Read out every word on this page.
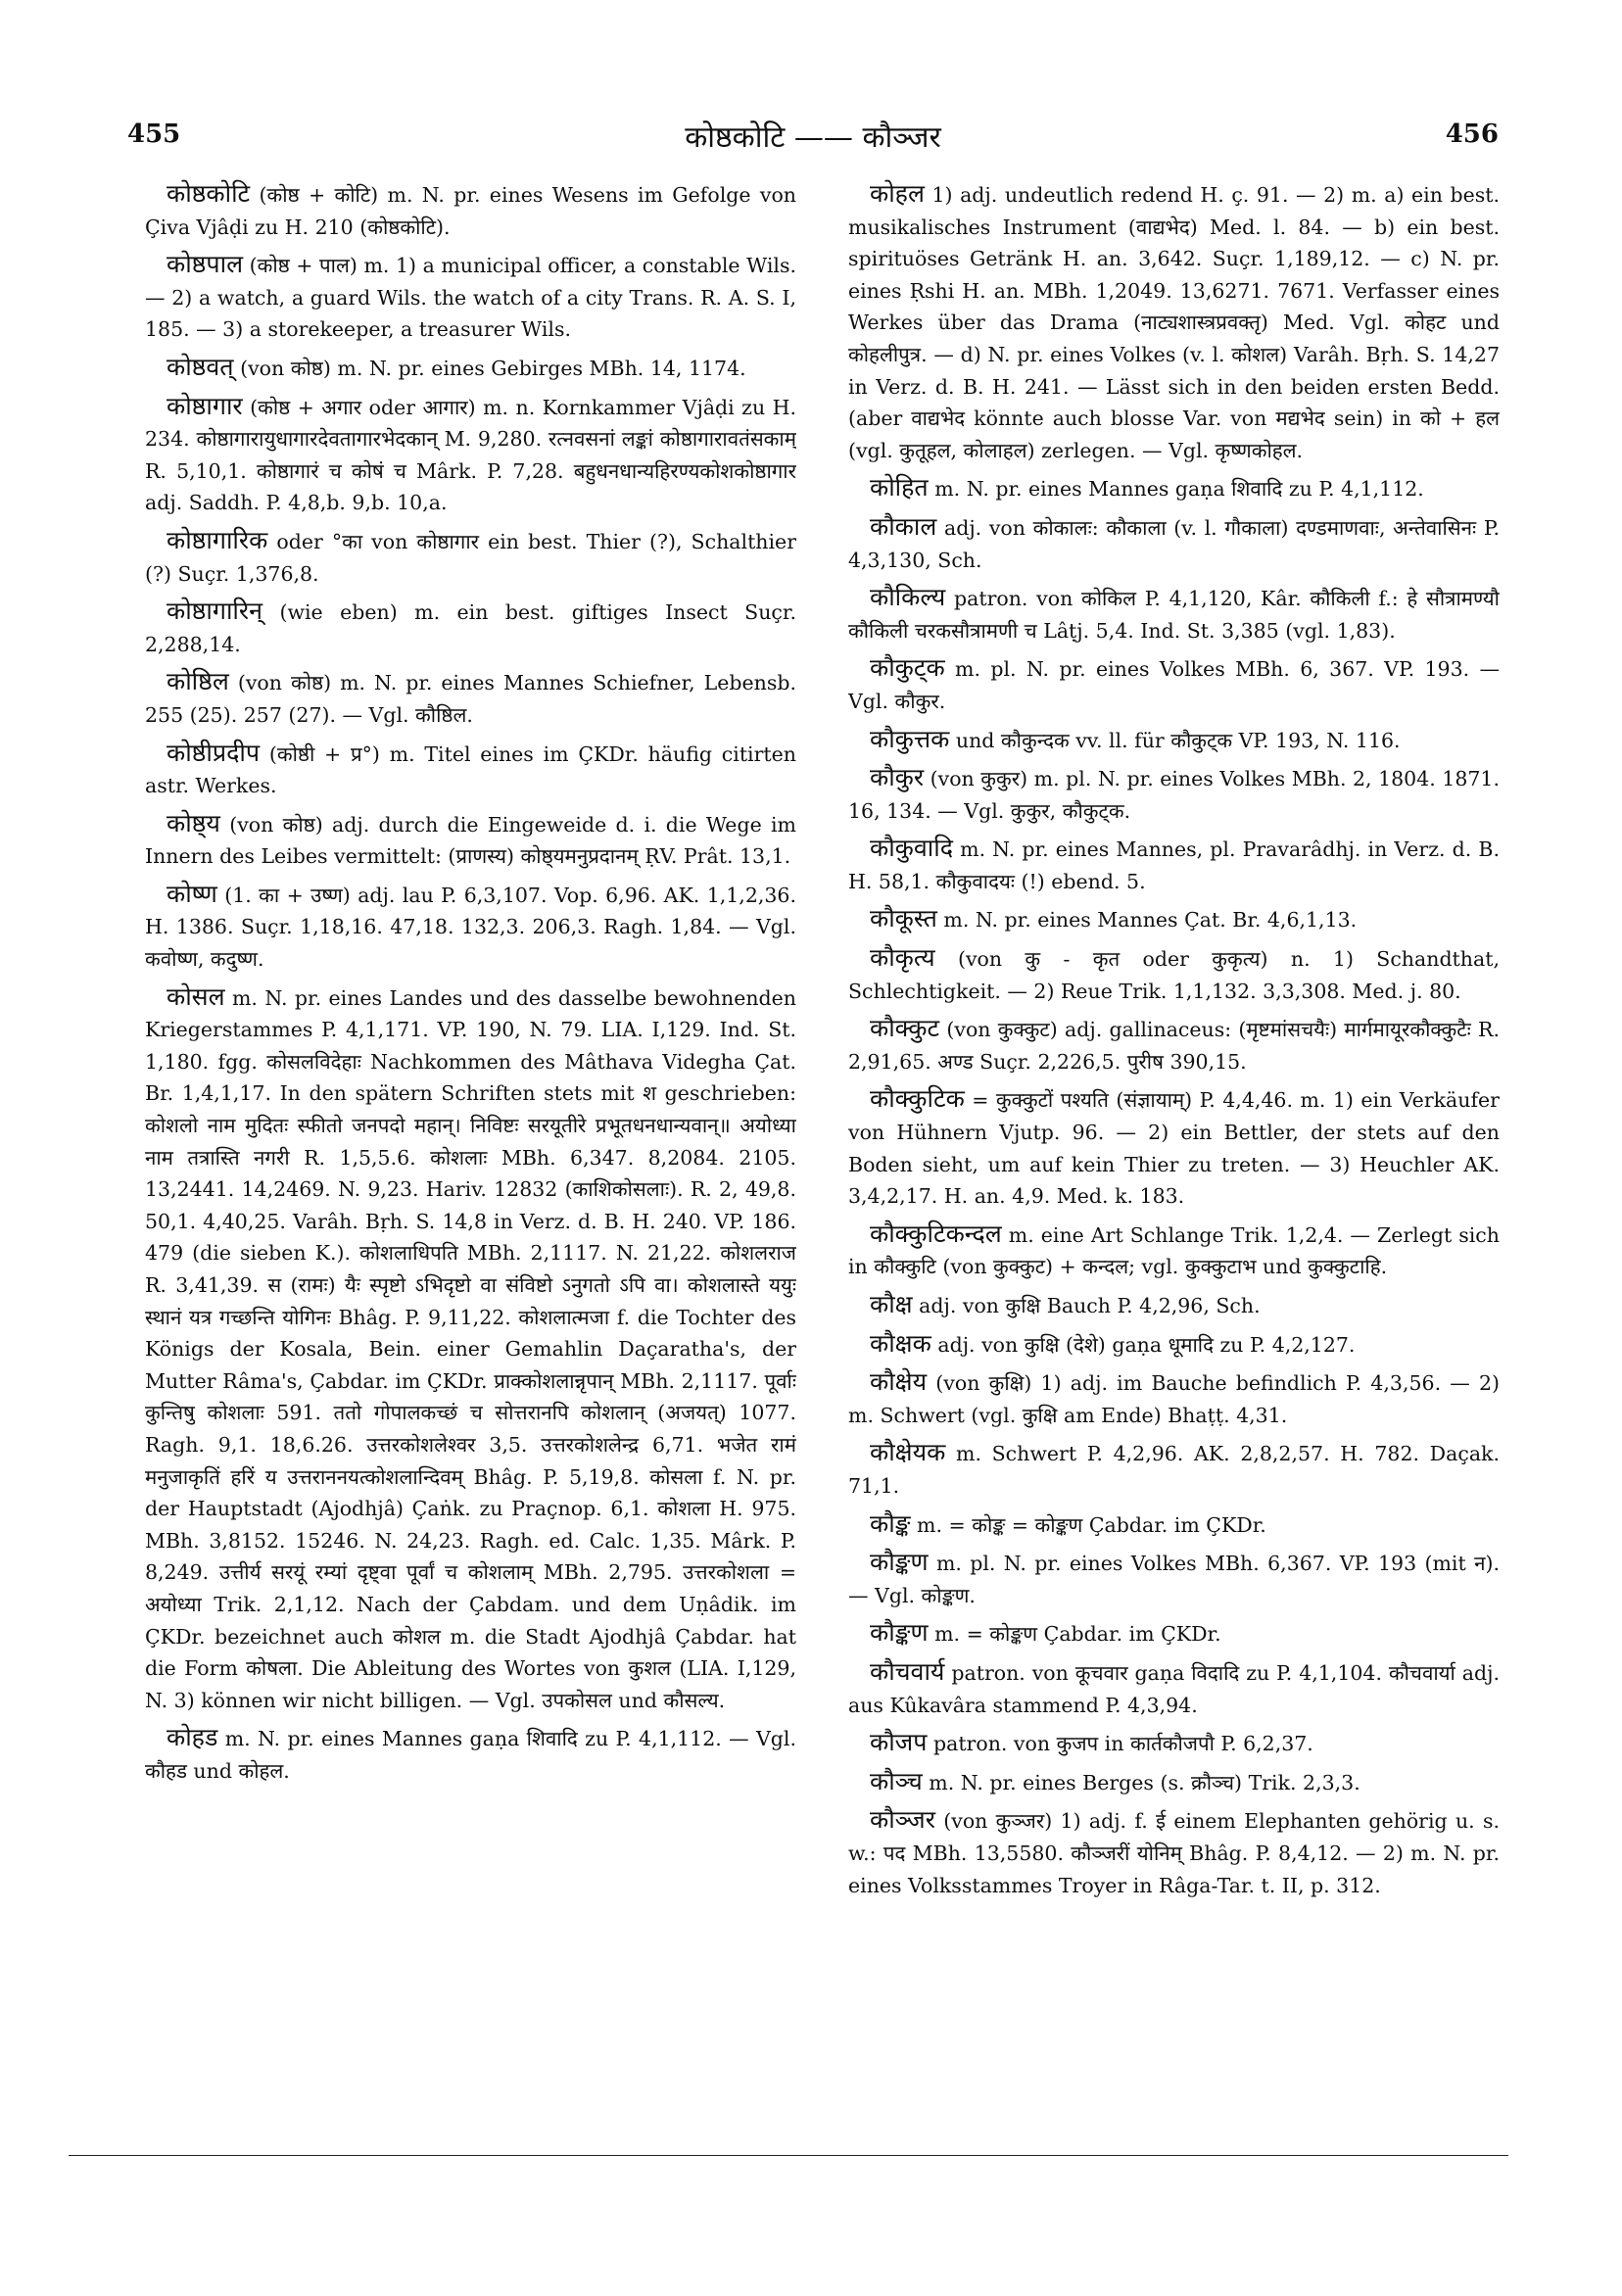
455	कोष्ठकोटि —— कौञ्जर	456

कोष्ठकोटि (कोष्ठ + कोटि) m. N. pr. eines Wesens im Gefolge von Çiva Vjâḍi zu H. 210 (कोष्ठकोटि).

कोष्ठपाल (कोष्ठ + पाल) m. 1) a municipal officer, a constable Wils. — 2) a watch, a guard Wils. the watch of a city Trans. R. A. S. I, 185. — 3) a storekeeper, a treasurer Wils.

कोष्ठवत् (von कोष्ठ) m. N. pr. eines Gebirges MBh. 14, 1174.

कोष्ठागार (कोष्ठ + अगार oder आगार) m. n. Kornkammer Vjâḍi zu H. 234. कोष्ठागारायुधागारदेवतागारभेदकान् M. 9,280. रत्नवसनां लङ्कां कोष्ठागारावतंसकाम् R. 5,10,1. कोष्ठागारं च कोषं च Mârk. P. 7,28. बहुधनधान्यहिरण्यकोशकोष्ठागार adj. Saddh. P. 4,8,b. 9,b. 10,a.

कोष्ठागारिक oder °का von कोष्ठागार ein best. Thier (?), Schalthier (?) Suçr. 1,376,8.

कोष्ठागारिन् (wie eben) m. ein best. giftiges Insect Suçr. 2,288,14.

कोष्ठिल (von कोष्ठ) m. N. pr. eines Mannes Schiefner, Lebensb. 255 (25). 257 (27). — Vgl. कौष्ठिल.

कोष्ठीप्रदीप (कोष्ठी + प्र°) m. Titel eines im ÇKDr. häufig citirten astr. Werkes.

कोष्ठ्य (von कोष्ठ) adj. durch die Eingeweide d. i. die Wege im Innern des Leibes vermittelt: (प्राणस्य) कोष्ठ्यमनुप्रदानम् ṚV. Prât. 13,1.

कोष्ण (1. का + उष्ण) adj. lau P. 6,3,107. Vop. 6,96. AK. 1,1,2,36. H. 1386. Suçr. 1,18,16. 47,18. 132,3. 206,3. Ragh. 1,84. — Vgl. कवोष्ण, कदुष्ण.

कोसल m. N. pr. eines Landes und des dasselbe bewohnenden Kriegerstammes P. 4,1,171. VP. 190, N. 79. LIA. I,129. Ind. St. 1,180. fgg. कोसलविदेहाः Nachkommen des Mâthava Videgha Çat. Br. 1,4,1,17. In den spätern Schriften stets mit श geschrieben: कोशलो नाम मुदितः स्फीतो जनपदो महान्। निविष्टः सरयूतीरे प्रभूतधनधान्यवान्॥ अयोध्या नाम तत्रास्ति नगरी R. 1,5,5.6. कोशलाः MBh. 6,347. 8,2084. 2105. 13,2441. 14,2469. N. 9,23. Hariv. 12832 (काशिकोसलाः). R. 2, 49,8. 50,1. 4,40,25. Varâh. Bṛh. S. 14,8 in Verz. d. B. H. 240. VP. 186. 479 (die sieben K.). कोशलाधिपति MBh. 2,1117. N. 21,22. कोशलराज R. 3,41,39. स (रामः) यैः स्पृष्टो ऽभिदृष्टो वा संविष्टो ऽनुगतो ऽपि वा। कोशलास्ते ययुः स्थानं यत्र गच्छन्ति योगिनः Bhâg. P. 9,11,22. कोशलात्मजा f. die Tochter des Königs der Kosala, Bein. einer Gemahlin Daçaratha's, der Mutter Râma's, Çabdar. im ÇKDr. प्राक्कोशलान्नृपान् MBh. 2,1117. पूर्वाः कुन्तिषु कोशलाः 591. ततो गोपालकच्छं च सोत्तरानपि कोशलान् (अजयत्) 1077. Ragh. 9,1. 18,6.26. उत्तरकोशलेश्वर 3,5. उत्तरकोशलेन्द्र 6,71. भजेत रामं मनुजाकृतिं हरिं य उत्तराननयत्कोशलान्दिवम् Bhâg. P. 5,19,8. कोसला f. N. pr. der Hauptstadt (Ajodhjâ) Çaṅk. zu Praçnop. 6,1. कोशला H. 975. MBh. 3,8152. 15246. N. 24,23. Ragh. ed. Calc. 1,35. Mârk. P. 8,249. उत्तीर्य सरयूं रम्यां दृष्ट्वा पूर्वां च कोशलाम् MBh. 2,795. उत्तरकोशला = अयोध्या Trik. 2,1,12. Nach der Çabdam. und dem Uṇâdik. im ÇKDr. bezeichnet auch कोशल m. die Stadt Ajodhjâ Çabdar. hat die Form कोषला. Die Ableitung des Wortes von कुशल (LIA. I,129, N. 3) können wir nicht billigen. — Vgl. उपकोसल und कौसल्य.

कोहड m. N. pr. eines Mannes gaṇa शिवादि zu P. 4,1,112. — Vgl. कौहड und कोहल.

कोहल 1) adj. undeutlich redend H. ç. 91. — 2) m. a) ein best. musikalisches Instrument (वाद्यभेद) Med. l. 84. — b) ein best. spirituöses Getränk H. an. 3,642. Suçr. 1,189,12. — c) N. pr. eines Ṛshi H. an. MBh. 1,2049. 13,6271. 7671. Verfasser eines Werkes über das Drama (नाट्यशास्त्रप्रवक्तृ) Med. Vgl. कोहट und कोहलीपुत्र. — d) N. pr. eines Volkes (v. l. कोशल) Varâh. Bṛh. S. 14,27 in Verz. d. B. H. 241. — Lässt sich in den beiden ersten Bedd. (aber वाद्यभेद könnte auch blosse Var. von मद्यभेद sein) in को + हल (vgl. कुतूहल, कोलाहल) zerlegen. — Vgl. कृष्णकोहल.

कोहित m. N. pr. eines Mannes gaṇa शिवादि zu P. 4,1,112.

कौकाल adj. von कोकालः: कौकाला (v. l. गौकाला) दण्डमाणवाः, अन्तेवासिनः P. 4,3,130, Sch.

कौकिल्य patron. von कोकिल P. 4,1,120, Kâr. कौकिली f.: हे सौत्रामण्यौ कौकिली चरकसौत्रामणी च Lâṭj. 5,4. Ind. St. 3,385 (vgl. 1,83).

कौकुट्क m. pl. N. pr. eines Volkes MBh. 6, 367. VP. 193. — Vgl. कौकुर.

कौकुत्तक und कौकुन्दक vv. ll. für कौकुट्क VP. 193, N. 116.

कौकुर (von कुकुर) m. pl. N. pr. eines Volkes MBh. 2, 1804. 1871. 16, 134. — Vgl. कुकुर, कौकुट्क.

कौकुवादि m. N. pr. eines Mannes, pl. Pravarâdhj. in Verz. d. B. H. 58,1. कौकुवादयः (!) ebend. 5.

कौकूस्त m. N. pr. eines Mannes Çat. Br. 4,6,1,13.

कौकृत्य (von कु - कृत oder कुकृत्य) n. 1) Schandthat, Schlechtigkeit. — 2) Reue Trik. 1,1,132. 3,3,308. Med. j. 80.

कौक्कुट (von कुक्कुट) adj. gallinaceus: (मृष्टमांसचयैः) मार्गमायूरकौक्कुटैः R. 2,91,65. अण्ड Suçr. 2,226,5. पुरीष 390,15.

कौक्कुटिक = कुक्कुटों पश्यति (संज्ञायाम्) P. 4,4,46. m. 1) ein Verkäufer von Hühnern Vjutp. 96. — 2) ein Bettler, der stets auf den Boden sieht, um auf kein Thier zu treten. — 3) Heuchler AK. 3,4,2,17. H. an. 4,9. Med. k. 183.

कौक्कुटिकन्दल m. eine Art Schlange Trik. 1,2,4. — Zerlegt sich in कौक्कुटि (von कुक्कुट) + कन्दल; vgl. कुक्कुटाभ und कुक्कुटाहि.

कौक्ष adj. von कुक्षि Bauch P. 4,2,96, Sch.

कौक्षक adj. von कुक्षि (देशे) gaṇa धूमादि zu P. 4,2,127.

कौक्षेय (von कुक्षि) 1) adj. im Bauche befindlich P. 4,3,56. — 2) m. Schwert (vgl. कुक्षि am Ende) Bhaṭṭ. 4,31.

कौक्षेयक m. Schwert P. 4,2,96. AK. 2,8,2,57. H. 782. Daçak. 71,1.

कौङ्क m. = कोङ्क = कोङ्कण Çabdar. im ÇKDr.

कौङ्कण m. pl. N. pr. eines Volkes MBh. 6,367. VP. 193 (mit न). — Vgl. कोङ्कण.

कौङ्कण m. = कोङ्कण Çabdar. im ÇKDr.

कौचवार्य patron. von कूचवार gaṇa विदादि zu P. 4,1,104. कौचवार्या adj. aus Kûkavâra stammend P. 4,3,94.

कौजप patron. von कुजप in कार्तकौजपौ P. 6,2,37.

कौञ्च m. N. pr. eines Berges (s. क्रौञ्च) Trik. 2,3,3.

कौञ्जर (von कुञ्जर) 1) adj. f. ई einem Elephanten gehörig u. s. w.: पद MBh. 13,5580. कौञ्जरीं योनिम् Bhâg. P. 8,4,12. — 2) m. N. pr. eines Volksstammes Troyer in Râga-Tar. t. II, p. 312.
